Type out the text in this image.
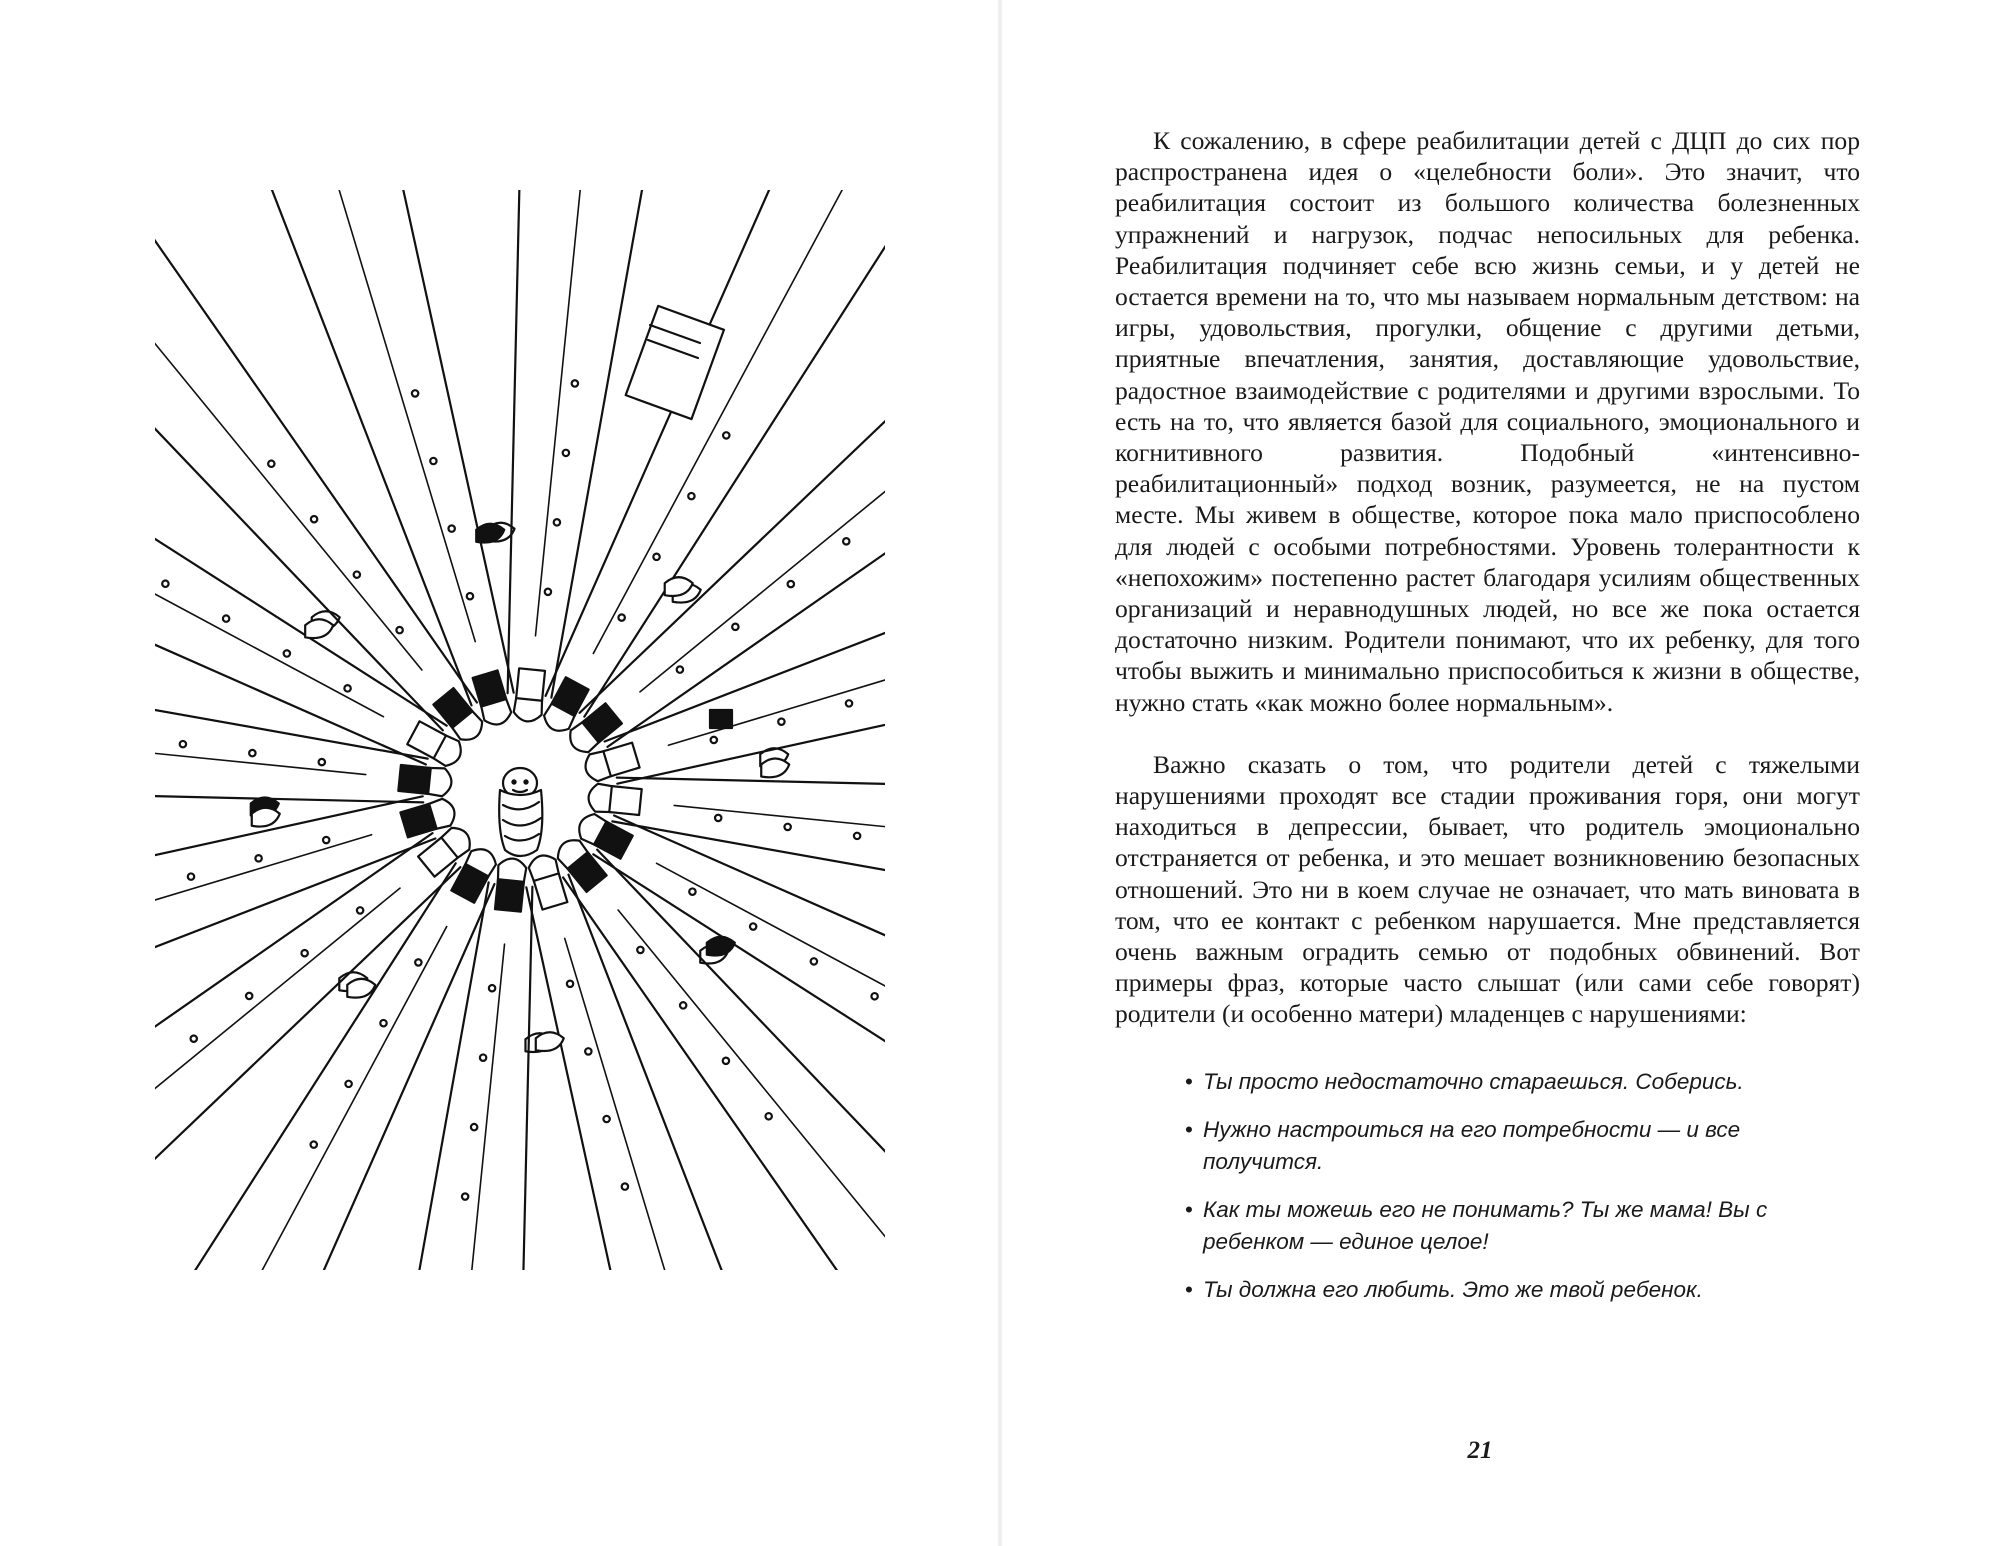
К сожалению, в сфере реабилитации детей с ДЦП до сих пор распространена идея о «целебности боли». Это значит, что реабилитация состоит из большого количества болезненных упражнений и нагрузок, подчас непосильных для ребенка. Реабилитация подчиняет себе всю жизнь семьи, и у детей не остается времени на то, что мы называем нормальным детством: на игры, удовольствия, прогулки, общение с другими детьми, приятные впечатления, занятия, доставляющие удовольствие, радостное взаимодействие с родителями и другими взрослыми. То есть на то, что является базой для социального, эмоционального и когнитивного развития. Подобный «интенсивно-реабилитационный» подход возник, разумеется, не на пустом месте. Мы живем в обществе, которое пока мало приспособлено для людей с особыми потребностями. Уровень толерантности к «непохожим» постепенно растет благодаря усилиям общественных организаций и неравнодушных людей, но все же пока остается достаточно низким. Родители понимают, что их ребенку, для того чтобы выжить и минимально приспособиться к жизни в обществе, нужно стать «как можно более нормальным».

Важно сказать о том, что родители детей с тяжелыми нарушениями проходят все стадии проживания горя, они могут находиться в депрессии, бывает, что родитель эмоционально отстраняется от ребенка, и это мешает возникновению безопасных отношений. Это ни в коем случае не означает, что мать виновата в том, что ее контакт с ребенком нарушается. Мне представляется очень важным оградить семью от подобных обвинений. Вот примеры фраз, которые часто слышат (или сами себе говорят) родители (и особенно матери) младенцев с нарушениями:

• Ты просто недостаточно стараешься. Соберись.
• Нужно настроиться на его потребности — и все получится.
• Как ты можешь его не понимать? Ты же мама! Вы с ребенком — единое целое!
• Ты должна его любить. Это же твой ребенок.
21
